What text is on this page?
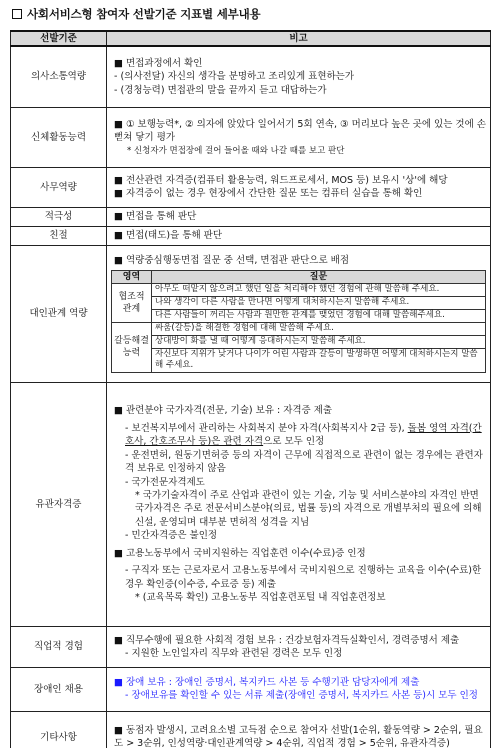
사회서비스형 참여자 선발기준 지표별 세부내용
선발기준	비고
의사소통역량	
■ 면접과정에서 확인
- (의사전달) 자신의 생각을 분명하고 조리있게 표현하는가
- (경청능력) 면접관의 말을 끝까지 듣고 대답하는가

신체활동능력	
■ ① 보행능력*, ② 의자에 앉았다 일어서기 5회 연속, ③ 머리보다 높은 곳에 있는 것에 손 뻗쳐 닿기 평가
* 신청자가 면접장에 걸어 들어올 때와 나갈 때를 보고 판단

사무역량	
■ 전산관련 자격증(컴퓨터 활용능력, 워드프로세서, MOS 등) 보유시 '상'에 해당
■ 자격증이 없는 경우 현장에서 간단한 질문 또는 컴퓨터 실습을 통해 확인

적극성	■ 면접을 통해 판단

친절	■ 면접(태도)을 통해 판단

대인관계 역량	
■ 역량중심행동면접 질문 중 선택, 면접관 판단으로 배점
영역	질문
협조적 관계	아무도 떠맡지 않으려고 했던 일을 처리해야 했던 경험에 관해 말씀해 주세요.
나와 생각이 다른 사람을 만나면 어떻게 대처하시는지 말씀해 주세요.
다른 사람들이 꺼리는 사람과 원만한 관계를 맺었던 경험에 대해 말씀해주세요.
갈등해결 능력	싸움(갈등)을 해결한 경험에 대해 말씀해 주세요.
상대방이 화를 낼 때 어떻게 응대하시는지 말씀해 주세요.
자신보다 지위가 낮거나 나이가 어린 사람과 갈등이 발생하면 어떻게 대처하시는지 말씀해 주세요.

유관자격증	
■ 관련분야 국가자격(전문, 기술) 보유 : 자격증 제출
- 보건복지부에서 관리하는 사회복지 분야 자격(사회복지사 2급 등), 돌봄 영역 자격(간호사, 간호조무사 등)은 관련 자격으로 모두 인정
- 운전면허, 원동기면허증 등의 자격이 근무에 직접적으로 관련이 없는 경우에는 관련자격 보유로 인정하지 않음
- 국가전문자격제도
* 국가기술자격이 주로 산업과 관련이 있는 기술, 기능 및 서비스분야의 자격인 반면 국가자격은 주로 전문서비스분야(의료, 법률 등)의 자격으로 개별부처의 필요에 의해 신설, 운영되며 대부분 면허적 성격을 지님
- 민간자격증은 불인정
■ 고용노동부에서 국비지원하는 직업훈련 이수(수료)증 인정
- 구직자 또는 근로자로서 고용노동부에서 국비지원으로 진행하는 교육을 이수(수료)한 경우 확인증(이수증, 수료증 등) 제출
* (교육목록 확인) 고용노동부 직업훈련포털 내 직업훈련정보

직업적 경험	
■ 직무수행에 필요한 사회적 경험 보유 : 건강보험자격득실확인서, 경력증명서 제출
- 지원한 노인일자리 직무와 관련된 경력은 모두 인정

장애인 채용	
■ 장애 보유 : 장애인 증명서, 복지카드 사본 등 수행기관 담당자에게 제출
- 장애보유를 확인할 수 있는 서류 제출(장애인 증명서, 복지카드 사본 등)시 모두 인정

기타사항	
■ 동점자 발생시, 고려요소별 고득점 순으로 참여자 선발(1순위, 활동역량 > 2순위, 필요도 > 3순위, 인성역량·대인관계역량 > 4순위, 직업적 경험 > 5순위, 유관자격증)
